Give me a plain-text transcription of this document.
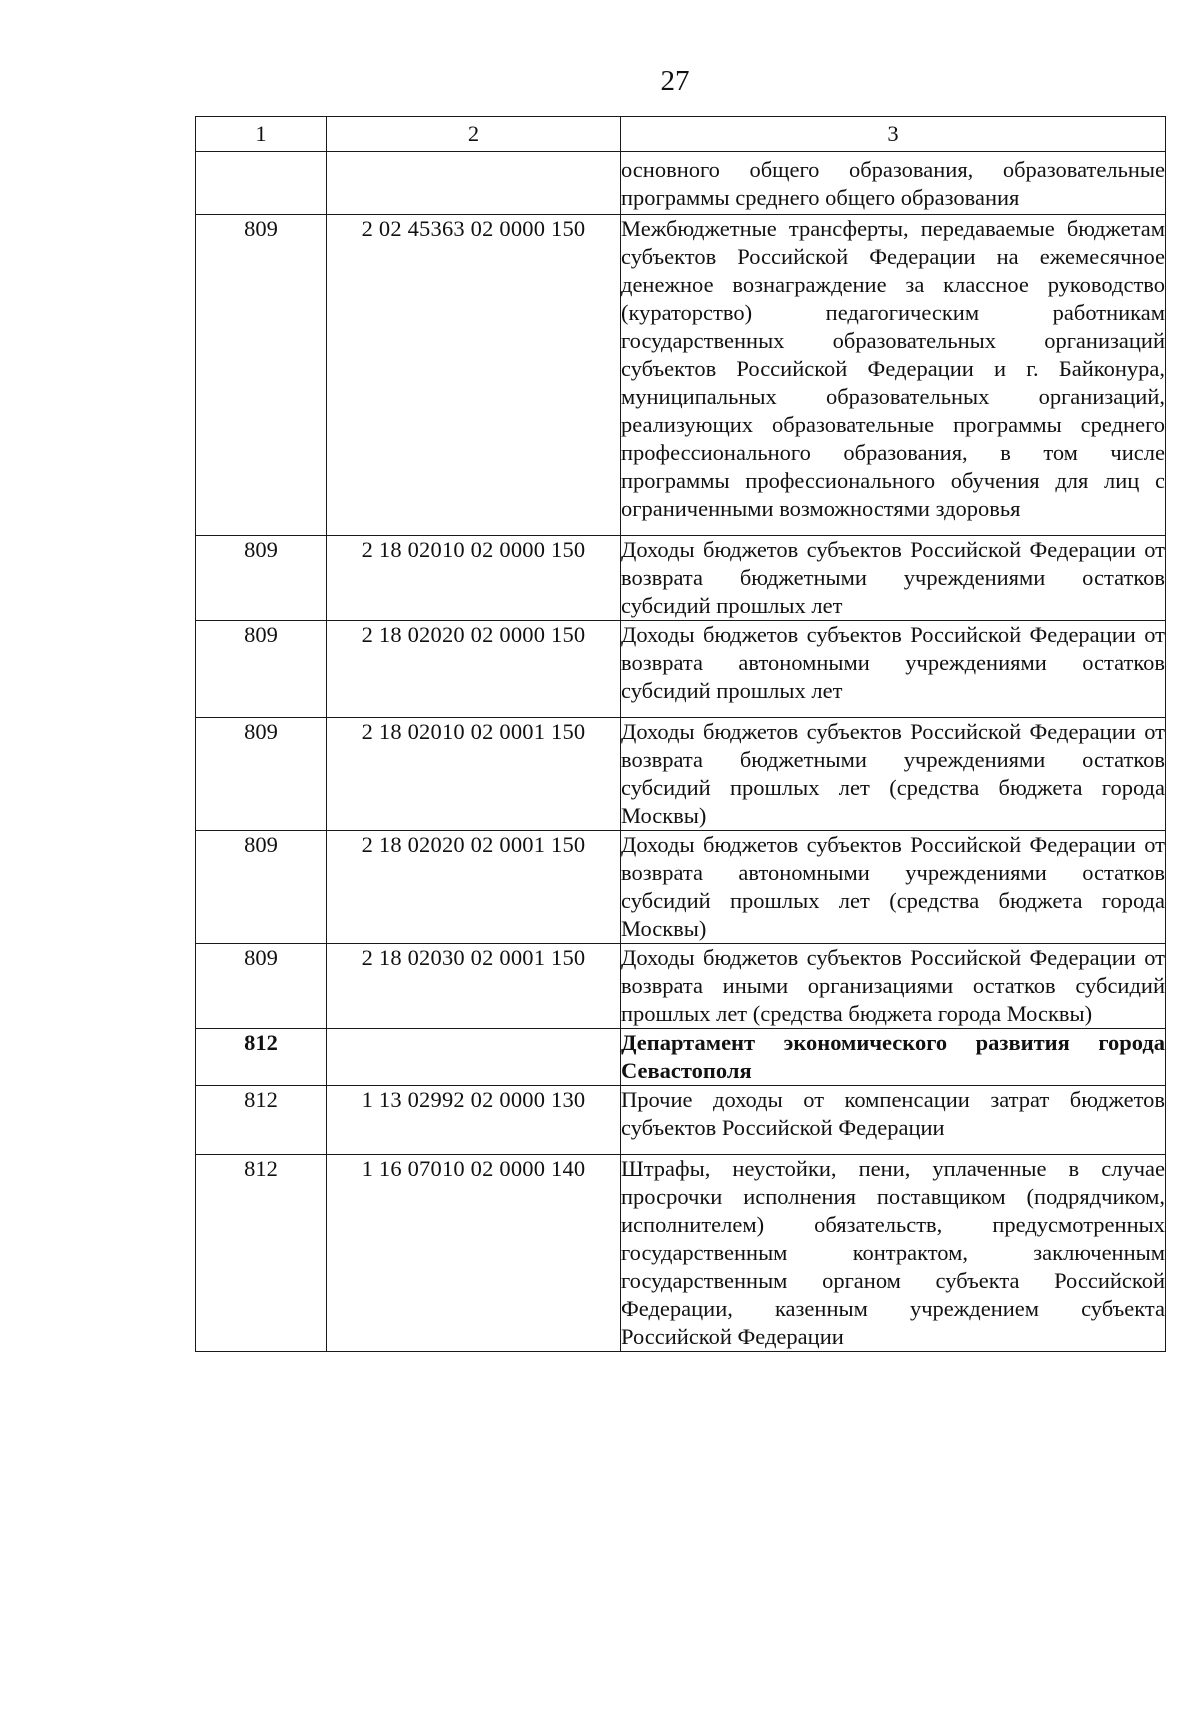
27
1	2	3
		основного общего образования, образовательные программы среднего общего образования
809	2 02 45363 02 0000 150	Межбюджетные трансферты, передаваемые бюджетам субъектов Российской Федерации на ежемесячное денежное вознаграждение за классное руководство (кураторство) педагогическим работникам государственных образовательных организаций субъектов Российской Федерации и г. Байконура, муниципальных образовательных организаций, реализующих образовательные программы среднего профессионального образования, в том числе программы профессионального обучения для лиц с ограниченными возможностями здоровья
809	2 18 02010 02 0000 150	Доходы бюджетов субъектов Российской Федерации от возврата бюджетными учреждениями остатков субсидий прошлых лет
809	2 18 02020 02 0000 150	Доходы бюджетов субъектов Российской Федерации от возврата автономными учреждениями остатков субсидий прошлых лет
809	2 18 02010 02 0001 150	Доходы бюджетов субъектов Российской Федерации от возврата бюджетными учреждениями остатков субсидий прошлых лет (средства бюджета города Москвы)
809	2 18 02020 02 0001 150	Доходы бюджетов субъектов Российской Федерации от возврата автономными учреждениями остатков субсидий прошлых лет (средства бюджета города Москвы)
809	2 18 02030 02 0001 150	Доходы бюджетов субъектов Российской Федерации от возврата иными организациями остатков субсидий прошлых лет (средства бюджета города Москвы)
812		Департамент экономического развития города Севастополя
812	1 13 02992 02 0000 130	Прочие доходы от компенсации затрат бюджетов субъектов Российской Федерации
812	1 16 07010 02 0000 140	Штрафы, неустойки, пени, уплаченные в случае просрочки исполнения поставщиком (подрядчиком, исполнителем) обязательств, предусмотренных государственным контрактом, заключенным государственным органом субъекта Российской Федерации, казенным учреждением субъекта Российской Федерации
